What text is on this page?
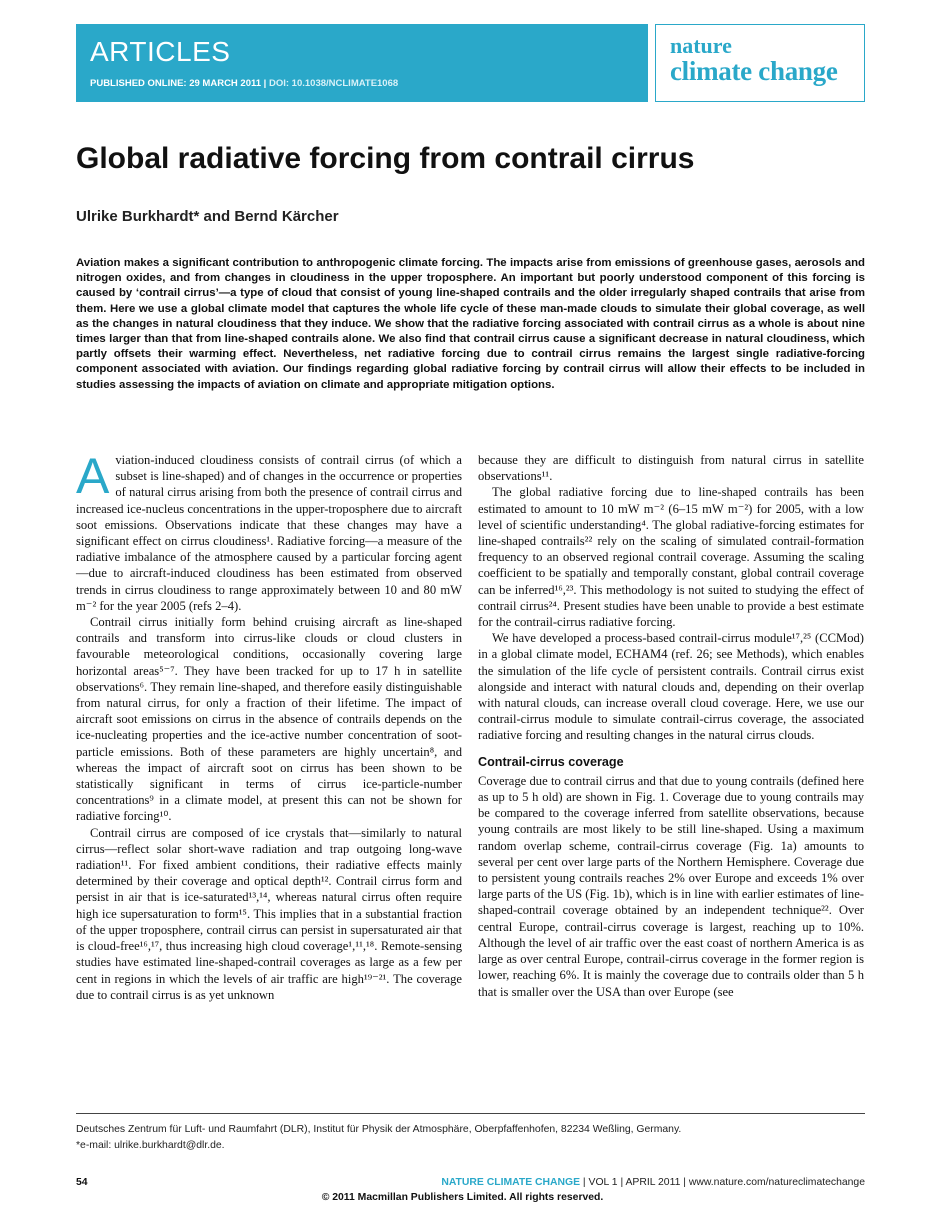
ARTICLES
PUBLISHED ONLINE: 29 MARCH 2011 | DOI: 10.1038/NCLIMATE1068
nature
climate change
Global radiative forcing from contrail cirrus
Ulrike Burkhardt* and Bernd Kärcher

Aviation makes a significant contribution to anthropogenic climate forcing. The impacts arise from emissions of greenhouse gases, aerosols and nitrogen oxides, and from changes in cloudiness in the upper troposphere. An important but poorly understood component of this forcing is caused by ‘contrail cirrus’—a type of cloud that consist of young line-shaped contrails and the older irregularly shaped contrails that arise from them. Here we use a global climate model that captures the whole life cycle of these man-made clouds to simulate their global coverage, as well as the changes in natural cloudiness that they induce. We show that the radiative forcing associated with contrail cirrus as a whole is about nine times larger than that from line-shaped contrails alone. We also find that contrail cirrus cause a significant decrease in natural cloudiness, which partly offsets their warming effect. Nevertheless, net radiative forcing due to contrail cirrus remains the largest single radiative-forcing component associated with aviation. Our findings regarding global radiative forcing by contrail cirrus will allow their effects to be included in studies assessing the impacts of aviation on climate and appropriate mitigation options.

Aviation-induced cloudiness consists of contrail cirrus (of which a subset is line-shaped) and of changes in the occurrence or properties of natural cirrus arising from both the presence of contrail cirrus and increased ice-nucleus concentrations in the upper-troposphere due to aircraft soot emissions. Observations indicate that these changes may have a significant effect on cirrus cloudiness¹. Radiative forcing—a measure of the radiative imbalance of the atmosphere caused by a particular forcing agent—due to aircraft-induced cloudiness has been estimated from observed trends in cirrus cloudiness to range approximately between 10 and 80 mW m⁻² for the year 2005 (refs 2–4).

Contrail cirrus initially form behind cruising aircraft as line-shaped contrails and transform into cirrus-like clouds or cloud clusters in favourable meteorological conditions, occasionally covering large horizontal areas⁵⁻⁷. They have been tracked for up to 17 h in satellite observations⁶. They remain line-shaped, and therefore easily distinguishable from natural cirrus, for only a fraction of their lifetime. The impact of aircraft soot emissions on cirrus in the absence of contrails depends on the ice-nucleating properties and the ice-active number concentration of soot-particle emissions. Both of these parameters are highly uncertain⁸, and whereas the impact of aircraft soot on cirrus has been shown to be statistically significant in terms of cirrus ice-particle-number concentrations⁹ in a climate model, at present this can not be shown for radiative forcing¹⁰.

Contrail cirrus are composed of ice crystals that—similarly to natural cirrus—reflect solar short-wave radiation and trap outgoing long-wave radiation¹¹. For fixed ambient conditions, their radiative effects mainly determined by their coverage and optical depth¹². Contrail cirrus form and persist in air that is ice-saturated¹³,¹⁴, whereas natural cirrus often require high ice supersaturation to form¹⁵. This implies that in a substantial fraction of the upper troposphere, contrail cirrus can persist in supersaturated air that is cloud-free¹⁶,¹⁷, thus increasing high cloud coverage¹,¹¹,¹⁸. Remote-sensing studies have estimated line-shaped-contrail coverages as large as a few per cent in regions in which the levels of air traffic are high¹⁹⁻²¹. The coverage due to contrail cirrus is as yet unknown

because they are difficult to distinguish from natural cirrus in satellite observations¹¹.

The global radiative forcing due to line-shaped contrails has been estimated to amount to 10 mW m⁻² (6–15 mW m⁻²) for 2005, with a low level of scientific understanding⁴. The global radiative-forcing estimates for line-shaped contrails²² rely on the scaling of simulated contrail-formation frequency to an observed regional contrail coverage. Assuming the scaling coefficient to be spatially and temporally constant, global contrail coverage can be inferred¹⁶,²³. This methodology is not suited to studying the effect of contrail cirrus²⁴. Present studies have been unable to provide a best estimate for the contrail-cirrus radiative forcing.

We have developed a process-based contrail-cirrus module¹⁷,²⁵ (CCMod) in a global climate model, ECHAM4 (ref. 26; see Methods), which enables the simulation of the life cycle of persistent contrails. Contrail cirrus exist alongside and interact with natural clouds and, depending on their overlap with natural clouds, can increase overall cloud coverage. Here, we use our contrail-cirrus module to simulate contrail-cirrus coverage, the associated radiative forcing and resulting changes in the natural cirrus clouds.

Contrail-cirrus coverage

Coverage due to contrail cirrus and that due to young contrails (defined here as up to 5 h old) are shown in Fig. 1. Coverage due to young contrails may be compared to the coverage inferred from satellite observations, because young contrails are most likely to be still line-shaped. Using a maximum random overlap scheme, contrail-cirrus coverage (Fig. 1a) amounts to several per cent over large parts of the Northern Hemisphere. Coverage due to persistent young contrails reaches 2% over Europe and exceeds 1% over large parts of the US (Fig. 1b), which is in line with earlier estimates of line-shaped-contrail coverage obtained by an independent technique²². Over central Europe, contrail-cirrus coverage is largest, reaching up to 10%. Although the level of air traffic over the east coast of northern America is as large as over central Europe, contrail-cirrus coverage in the former region is lower, reaching 6%. It is mainly the coverage due to contrails older than 5 h that is smaller over the USA than over Europe (see

Deutsches Zentrum für Luft- und Raumfahrt (DLR), Institut für Physik der Atmosphäre, Oberpfaffenhofen, 82234 Weßling, Germany.
*e-mail: ulrike.burkhardt@dlr.de.
54	NATURE CLIMATE CHANGE | VOL 1 | APRIL 2011 | www.nature.com/natureclimatechange
© 2011 Macmillan Publishers Limited. All rights reserved.
